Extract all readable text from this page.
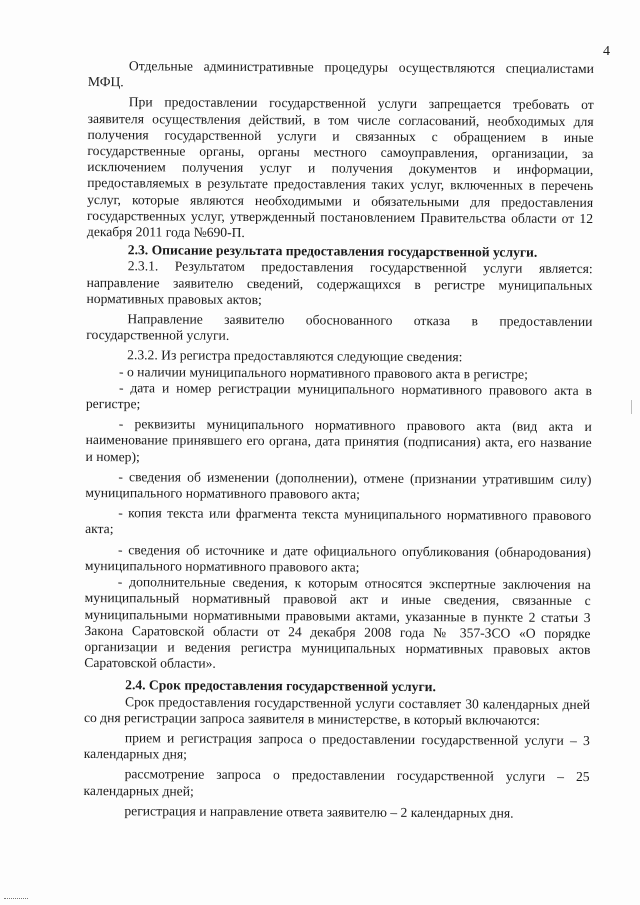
4

Отдельные административные процедуры осуществляются специалистами МФЦ.

При предоставлении государственной услуги запрещается требовать от заявителя осуществления действий, в том числе согласований, необходимых для получения государственной услуги и связанных с обращением в иные государственные органы, органы местного самоуправления, организации, за исключением получения услуг и получения документов и информации, предоставляемых в результате предоставления таких услуг, включенных в перечень услуг, которые являются необходимыми и обязательными для предоставления государственных услуг, утвержденный постановлением Правительства области от 12 декабря 2011 года №690-П.

2.3. Описание результата предоставления государственной услуги.

2.3.1. Результатом предоставления государственной услуги является: направление заявителю сведений, содержащихся в регистре муниципальных нормативных правовых актов;

Направление заявителю обоснованного отказа в предоставлении государственной услуги.

2.3.2. Из регистра предоставляются следующие сведения:

- о наличии муниципального нормативного правового акта в регистре;

- дата и номер регистрации муниципального нормативного правового акта в регистре;

- реквизиты муниципального нормативного правового акта (вид акта и наименование принявшего его органа, дата принятия (подписания) акта, его название и номер);

- сведения об изменении (дополнении), отмене (признании утратившим силу) муниципального нормативного правового акта;

- копия текста или фрагмента текста муниципального нормативного правового акта;

- сведения об источнике и дате официального опубликования (обнародования) муниципального нормативного правового акта;

- дополнительные сведения, к которым относятся экспертные заключения на муниципальный нормативный правовой акт и иные сведения, связанные с муниципальными нормативными правовыми актами, указанные в пункте 2 статьи 3 Закона Саратовской области от 24 декабря 2008 года № 357-ЗСО «О порядке организации и ведения регистра муниципальных нормативных правовых актов Саратовской области».

2.4. Срок предоставления государственной услуги.

Срок предоставления государственной услуги составляет 30 календарных дней со дня регистрации запроса заявителя в министерстве, в который включаются:

прием и регистрация запроса о предоставлении государственной услуги – 3 календарных дня;

рассмотрение запроса о предоставлении государственной услуги – 25 календарных дней;

регистрация и направление ответа заявителю – 2 календарных дня.
